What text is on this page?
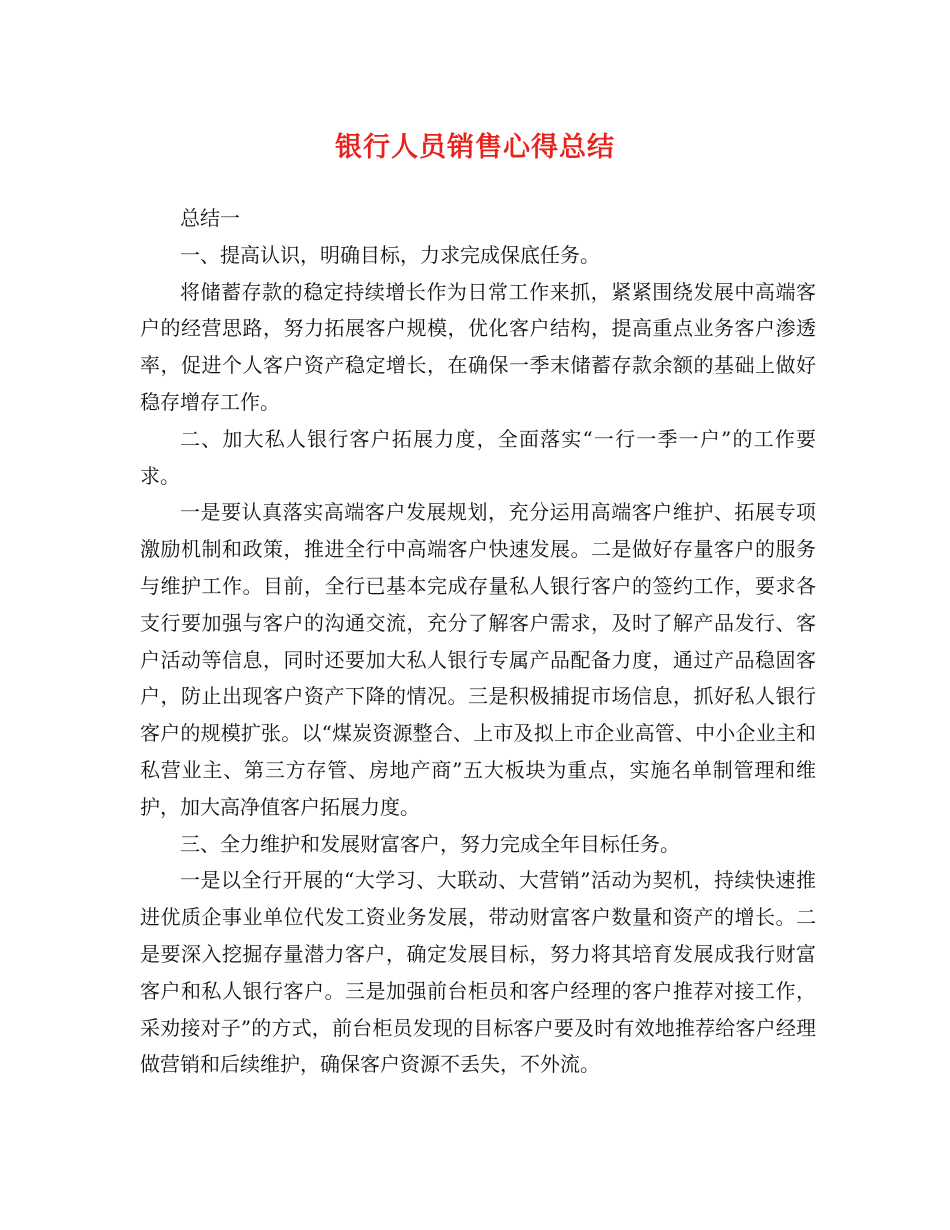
银行人员销售心得总结

总结一

一、提高认识，明确目标，力求完成保底任务。

将储蓄存款的稳定持续增长作为日常工作来抓，紧紧围绕发展中高端客户的经营思路，努力拓展客户规模，优化客户结构，提高重点业务客户渗透率，促进个人客户资产稳定增长，在确保一季末储蓄存款余额的基础上做好稳存增存工作。

二、加大私人银行客户拓展力度，全面落实“一行一季一户”的工作要求。

一是要认真落实高端客户发展规划，充分运用高端客户维护、拓展专项激励机制和政策，推进全行中高端客户快速发展。二是做好存量客户的服务与维护工作。目前，全行已基本完成存量私人银行客户的签约工作，要求各支行要加强与客户的沟通交流，充分了解客户需求，及时了解产品发行、客户活动等信息，同时还要加大私人银行专属产品配备力度，通过产品稳固客户，防止出现客户资产下降的情况。三是积极捕捉市场信息，抓好私人银行客户的规模扩张。以“煤炭资源整合、上市及拟上市企业高管、中小企业主和私营业主、第三方存管、房地产商”五大板块为重点，实施名单制管理和维护，加大高净值客户拓展力度。

三、全力维护和发展财富客户，努力完成全年目标任务。

一是以全行开展的“大学习、大联动、大营销”活动为契机，持续快速推进优质企事业单位代发工资业务发展，带动财富客户数量和资产的增长。二是要深入挖掘存量潜力客户，确定发展目标，努力将其培育发展成我行财富客户和私人银行客户。三是加强前台柜员和客户经理的客户推荐对接工作，采劝接对子”的方式，前台柜员发现的目标客户要及时有效地推荐给客户经理做营销和后续维护，确保客户资源不丢失，不外流。
